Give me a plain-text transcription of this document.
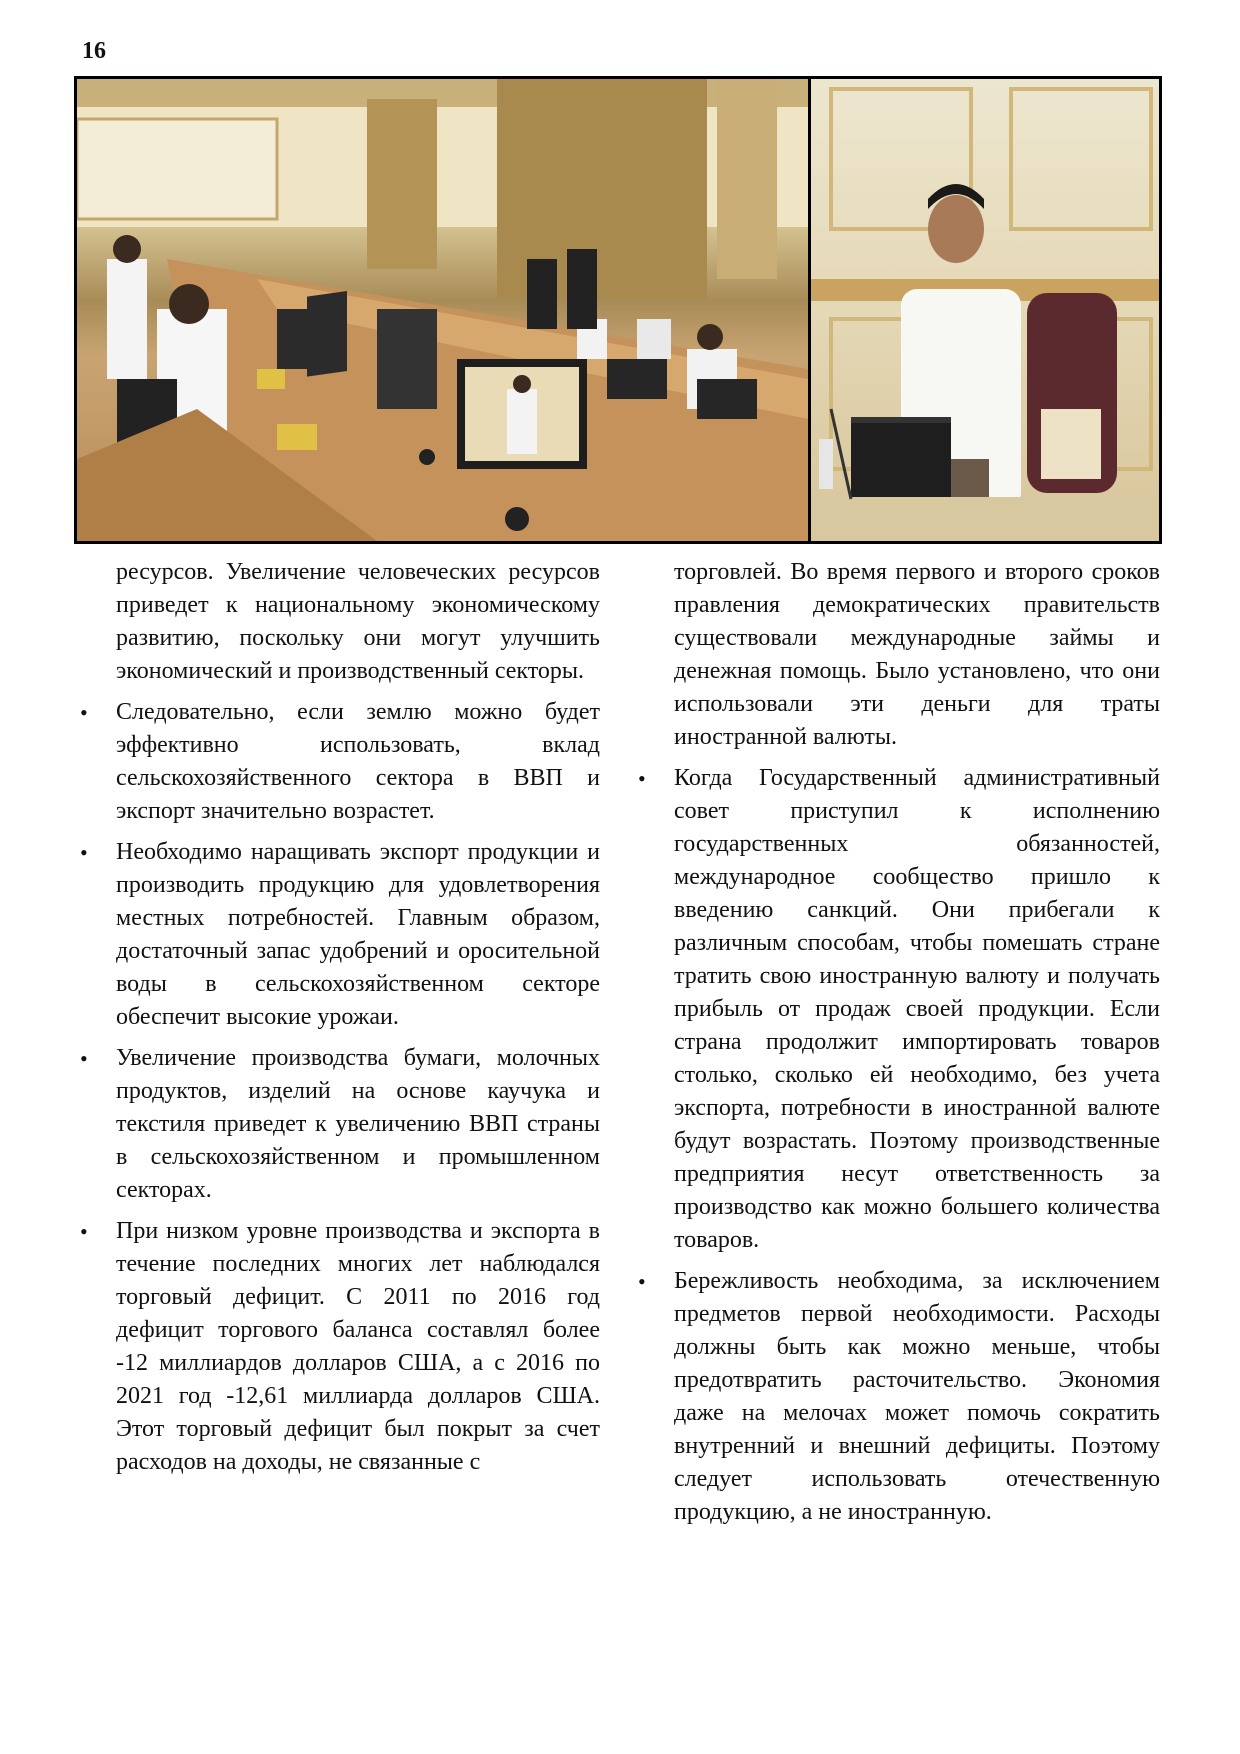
16

ресурсов. Увеличение человеческих ресурсов приведет к национальному экономическому развитию, поскольку они могут улучшить экономический и производственный секторы.

• Следовательно, если землю можно будет эффективно использовать, вклад сельскохозяйственного сектора в ВВП и экспорт значительно возрастет.

• Необходимо наращивать экспорт продукции и производить продукцию для удовлетворения местных потребностей. Главным образом, достаточный запас удобрений и оросительной воды в сельскохозяйственном секторе обеспечит высокие урожаи.

• Увеличение производства бумаги, молочных продуктов, изделий на основе каучука и текстиля приведет к увеличению ВВП страны в сельскохозяйственном и промышленном секторах.

• При низком уровне производства и экспорта в течение последних многих лет наблюдался торговый дефицит. С 2011 по 2016 год дефицит торгового баланса составлял более -12 миллиардов долларов США, а с 2016 по 2021 год -12,61 миллиарда долларов США. Этот торговый дефицит был покрыт за счет расходов на доходы, не связанные с

торговлей. Во время первого и второго сроков правления демократических правительств существовали международные займы и денежная помощь. Было установлено, что они использовали эти деньги для траты иностранной валюты.

• Когда Государственный административный совет приступил к исполнению государственных обязанностей, международное сообщество пришло к введению санкций. Они прибегали к различным способам, чтобы помешать стране тратить свою иностранную валюту и получать прибыль от продаж своей продукции. Если страна продолжит импортировать товаров столько, сколько ей необходимо, без учета экспорта, потребности в иностранной валюте будут возрастать. Поэтому производственные предприятия несут ответственность за производство как можно большего количества товаров.

• Бережливость необходима, за исключением предметов первой необходимости. Расходы должны быть как можно меньше, чтобы предотвратить расточительство. Экономия даже на мелочах может помочь сократить внутренний и внешний дефициты. Поэтому следует использовать отечественную продукцию, а не иностранную.
